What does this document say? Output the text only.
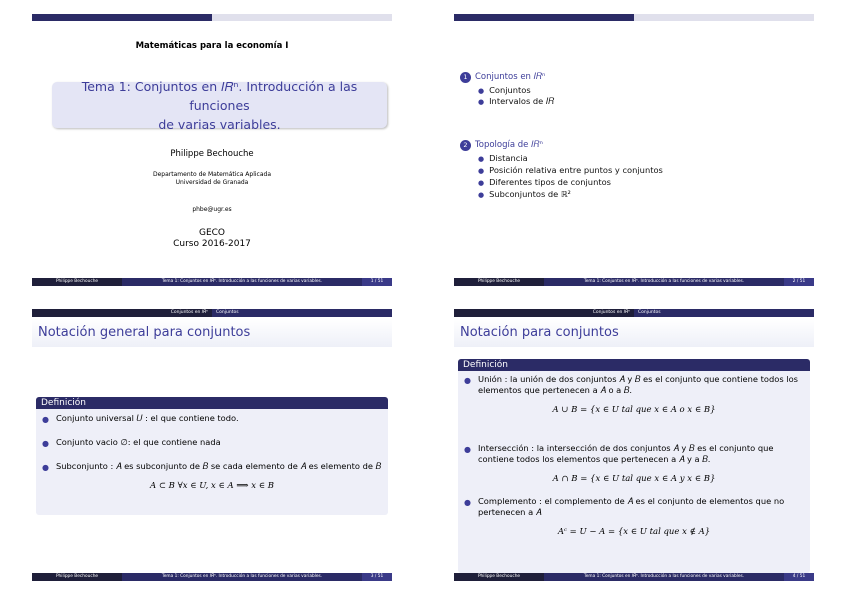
Matemáticas para la economía I
Tema 1: Conjuntos en 𝐼𝑅ⁿ. Introducción a las funciones
de varias variables.
Philippe Bechouche
Departamento de Matemática Aplicada
Universidad de Granada
phbe@ugr.es
GECO
Curso 2016-2017
Philippe Bechouche	Tema 1: Conjuntos en 𝐼𝑅ⁿ. Introducción a las funciones de varias variables.	1 / 51
1 Conjuntos en 𝐼𝑅ⁿ
● Conjuntos
● Intervalos de 𝐼𝑅
2 Topología de 𝐼𝑅ⁿ
● Distancia
● Posición relativa entre puntos y conjuntos
● Diferentes tipos de conjuntos
● Subconjuntos de ℝ²
Philippe Bechouche	Tema 1: Conjuntos en 𝐼𝑅ⁿ. Introducción a las funciones de varias variables.	2 / 51
Conjuntos en 𝐼𝑅ⁿ	Conjuntos
Notación general para conjuntos
Definición
● Conjunto universal 𝑈 : el que contiene todo.
● Conjunto vacio ∅: el que contiene nada
● Subconjunto : 𝐴 es subconjunto de 𝐵 se cada elemento de 𝐴 es elemento de 𝐵
A ⊂ B ∀x ∈ U, x ∈ A ⟹ x ∈ B
Philippe Bechouche	Tema 1: Conjuntos en 𝐼𝑅ⁿ. Introducción a las funciones de varias variables.	3 / 51
Conjuntos en 𝐼𝑅ⁿ	Conjuntos
Notación para conjuntos
Definición
● Unión : la unión de dos conjuntos 𝐴 y 𝐵 es el conjunto que contiene todos los elementos que pertenecen a 𝐴 o a 𝐵.
A ∪ B = {x ∈ U tal que x ∈ A o x ∈ B}
● Intersección : la intersección de dos conjuntos 𝐴 y 𝐵 es el conjunto que contiene todos los elementos que pertenecen a 𝐴 y a 𝐵.
A ∩ B = {x ∈ U tal que x ∈ A y x ∈ B}
● Complemento : el complemento de 𝐴 es el conjunto de elementos que no pertenecen a 𝐴
Aᶜ = U − A = {x ∈ U tal que x ∉ A}
Philippe Bechouche	Tema 1: Conjuntos en 𝐼𝑅ⁿ. Introducción a las funciones de varias variables.	4 / 51
